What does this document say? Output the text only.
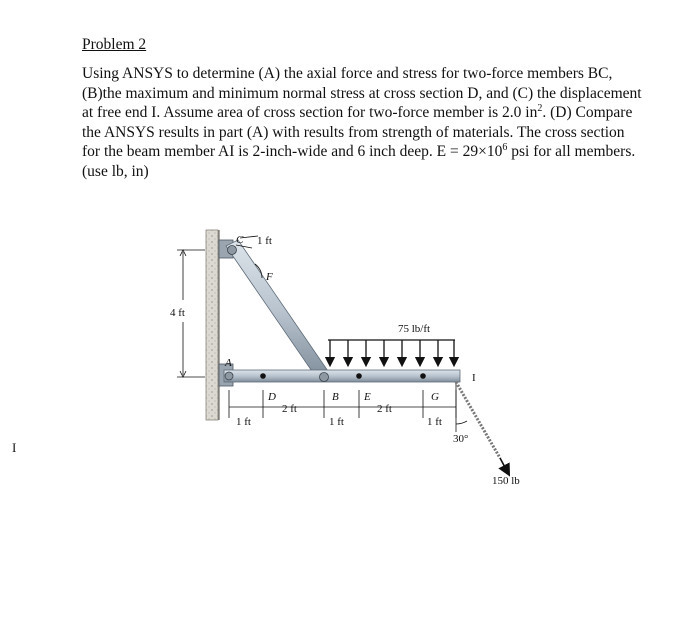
Problem 2
Using ANSYS to determine (A) the axial force and stress for two-force members BC, (B)the maximum and minimum normal stress at cross section D, and (C) the displacement at free end I. Assume area of cross section for two-force member is 2.0 $in^2$. (D) Compare the ANSYS results in part (A) with results from strength of materials. The cross section for the beam member AI is 2-inch-wide and 6 inch deep. $E = 29\times 10^6$ psi for all members. (use lb, in)
I
75 lb/ft
150 lb
30°
4 ft
1 ft
1 ft
2 ft
1 ft
2 ft
1 ft
C
F
A
D	B E	G
I
